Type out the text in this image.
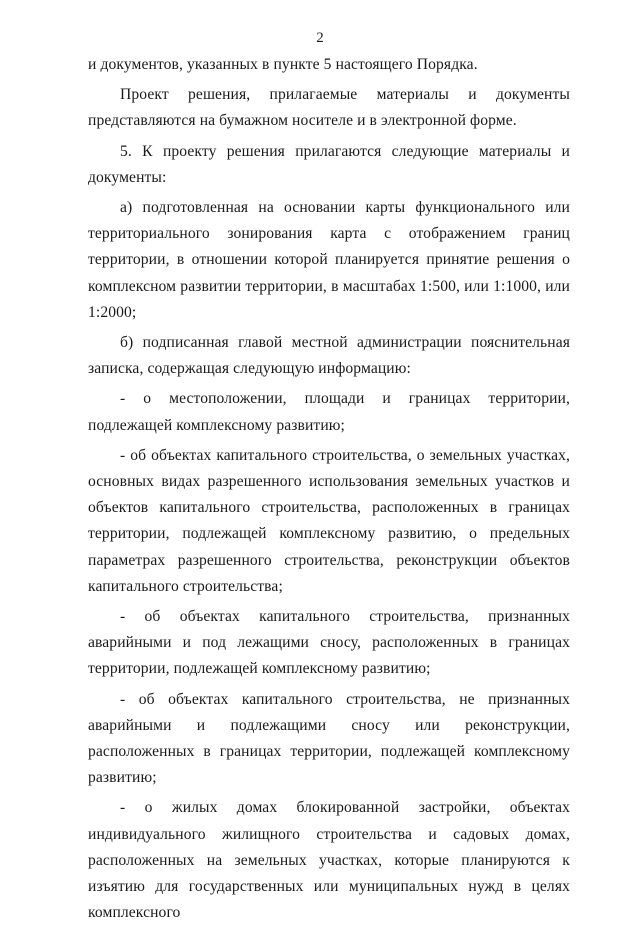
2

и документов, указанных в пункте 5 настоящего Порядка.

Проект решения, прилагаемые материалы и документы представляются на бумажном носителе и в электронной форме.

5. К проекту решения прилагаются следующие материалы и документы:

а) подготовленная на основании карты функционального или территориального зонирования карта с отображением границ территории, в отношении которой планируется принятие решения о комплексном развитии территории, в масштабах 1:500, или 1:1000, или 1:2000;

б) подписанная главой местной администрации пояснительная записка, содержащая следующую информацию:

- о местоположении, площади и границах территории, подлежащей комплексному развитию;

- об объектах капитального строительства, о земельных участках, основных видах разрешенного использования земельных участков и объектов капитального строительства, расположенных в границах территории, подлежащей комплексному развитию, о предельных параметрах разрешенного строительства, реконструкции объектов капитального строительства;

- об объектах капитального строительства, признанных аварийными и под лежащими сносу, расположенных в границах территории, подлежащей комплексному развитию;

- об объектах капитального строительства, не признанных аварийными и подлежащими сносу или реконструкции, расположенных в границах территории, подлежащей комплексному развитию;

- о жилых домах блокированной застройки, объектах индивидуального жилищного строительства и садовых домах, расположенных на земельных участках, которые планируются к изъятию для государственных или муниципальных нужд в целях комплексного
